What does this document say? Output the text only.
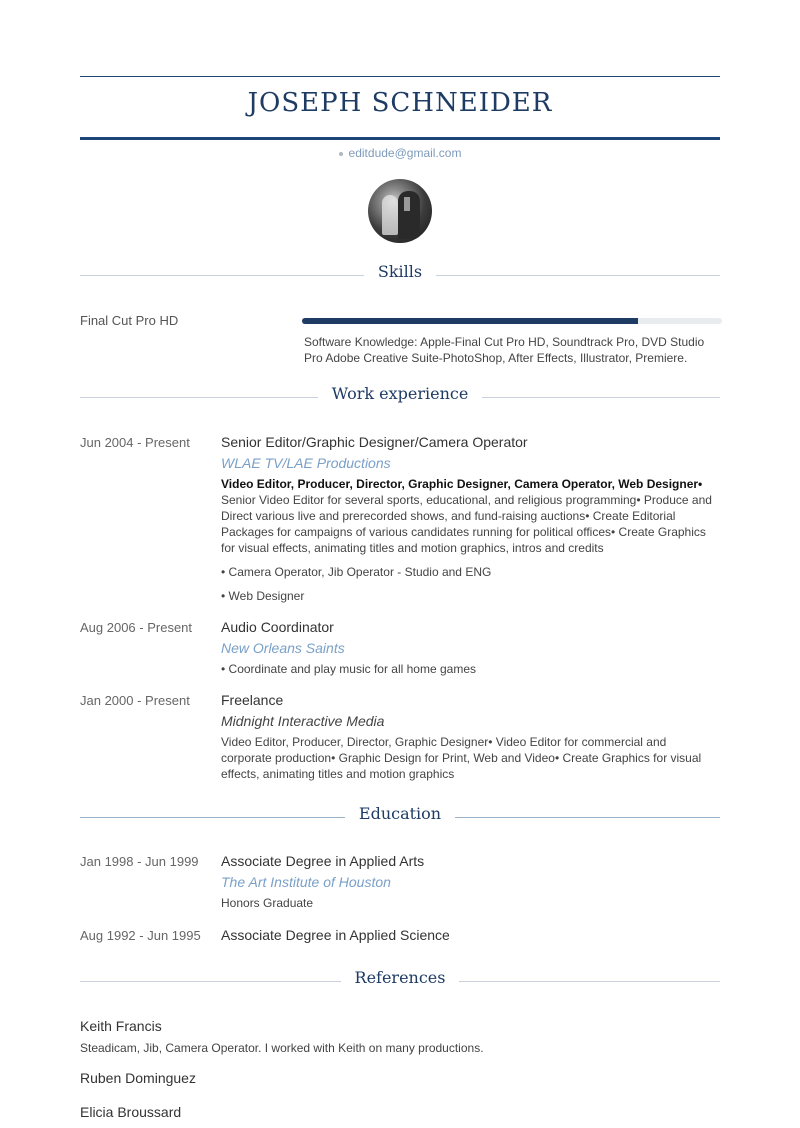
JOSEPH SCHNEIDER
editdude@gmail.com
Skills
Final Cut Pro HD
Software Knowledge: Apple-Final Cut Pro HD, Soundtrack Pro, DVD Studio Pro Adobe Creative Suite-PhotoShop, After Effects, Illustrator, Premiere.
Work experience
Jun 2004 - Present Senior Editor/Graphic Designer/Camera Operator
WLAE TV/LAE Productions
Video Editor, Producer, Director, Graphic Designer, Camera Operator, Web Designer•
Senior Video Editor for several sports, educational, and religious programming• Produce and Direct various live and prerecorded shows, and fund-raising auctions• Create Editorial Packages for campaigns of various candidates running for political offices• Create Graphics for visual effects, animating titles and motion graphics, intros and credits
• Camera Operator, Jib Operator - Studio and ENG
• Web Designer
Aug 2006 - Present Audio Coordinator
New Orleans Saints
• Coordinate and play music for all home games
Jan 2000 - Present Freelance
Midnight Interactive Media
Video Editor, Producer, Director, Graphic Designer• Video Editor for commercial and corporate production• Graphic Design for Print, Web and Video• Create Graphics for visual effects, animating titles and motion graphics
Education
Jan 1998 - Jun 1999 Associate Degree in Applied Arts
The Art Institute of Houston
Honors Graduate
Aug 1992 - Jun 1995 Associate Degree in Applied Science
References
Keith Francis
Steadicam, Jib, Camera Operator. I worked with Keith on many productions.
Ruben Dominguez
Elicia Broussard
